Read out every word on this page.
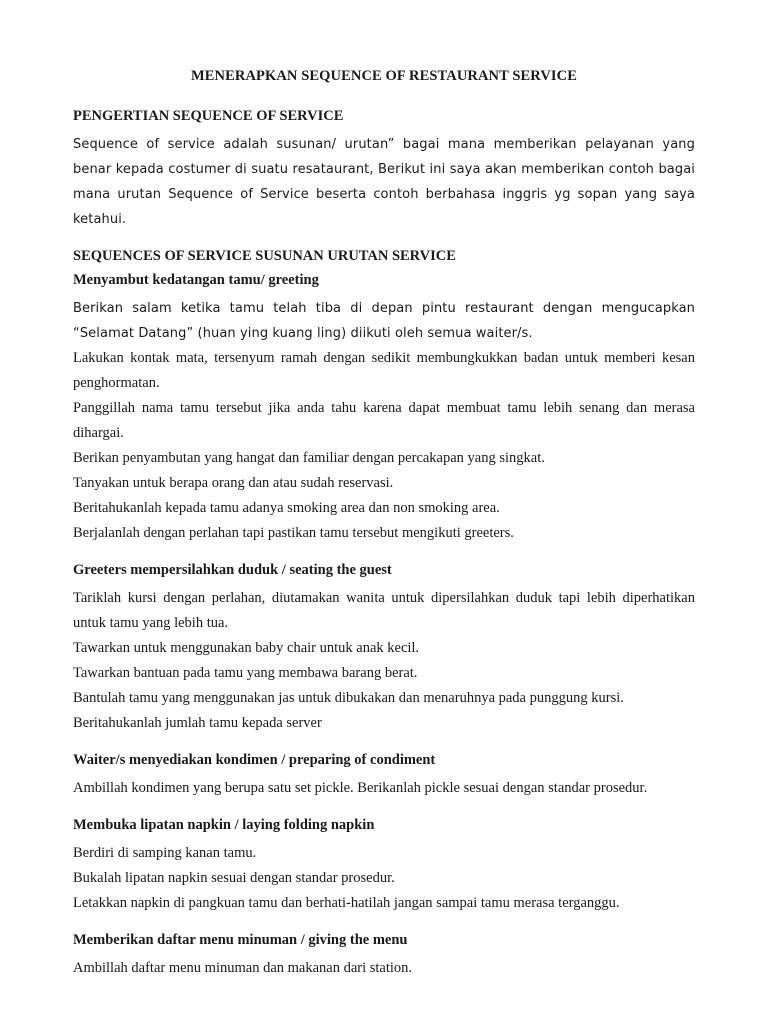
MENERAPKAN SEQUENCE OF RESTAURANT SERVICE
PENGERTIAN SEQUENCE OF SERVICE

Sequence of service adalah susunan/ urutan” bagai mana memberikan pelayanan yang benar kepada costumer di suatu resataurant, Berikut ini saya akan memberikan contoh bagai mana urutan Sequence of Service beserta contoh berbahasa inggris yg sopan yang saya ketahui.

SEQUENCES OF SERVICE SUSUNAN URUTAN SERVICE
Menyambut kedatangan tamu/ greeting

Berikan salam ketika tamu telah tiba di depan pintu restaurant dengan mengucapkan “Selamat Datang” (huan ying kuang ling) diikuti oleh semua waiter/s.

Lakukan kontak mata, tersenyum ramah dengan sedikit membungkukkan badan untuk memberi kesan penghormatan.

Panggillah nama tamu tersebut jika anda tahu karena dapat membuat tamu lebih senang dan merasa dihargai.

Berikan penyambutan yang hangat dan familiar dengan percakapan yang singkat.

Tanyakan untuk berapa orang dan atau sudah reservasi.

Beritahukanlah kepada tamu adanya smoking area dan non smoking area.

Berjalanlah dengan perlahan tapi pastikan tamu tersebut mengikuti greeters.

Greeters mempersilahkan duduk / seating the guest

Tariklah kursi dengan perlahan, diutamakan wanita untuk dipersilahkan duduk tapi lebih diperhatikan untuk tamu yang lebih tua.

Tawarkan untuk menggunakan baby chair untuk anak kecil.

Tawarkan bantuan pada tamu yang membawa barang berat.

Bantulah tamu yang menggunakan jas untuk dibukakan dan menaruhnya pada punggung kursi.

Beritahukanlah jumlah tamu kepada server

Waiter/s menyediakan kondimen / preparing of condiment

Ambillah kondimen yang berupa satu set pickle. Berikanlah pickle sesuai dengan standar prosedur.

Membuka lipatan napkin / laying folding napkin

Berdiri di samping kanan tamu.

Bukalah lipatan napkin sesuai dengan standar prosedur.

Letakkan napkin di pangkuan tamu dan berhati-hatilah jangan sampai tamu merasa terganggu.

Memberikan daftar menu minuman / giving the menu

Ambillah daftar menu minuman dan makanan dari station.
